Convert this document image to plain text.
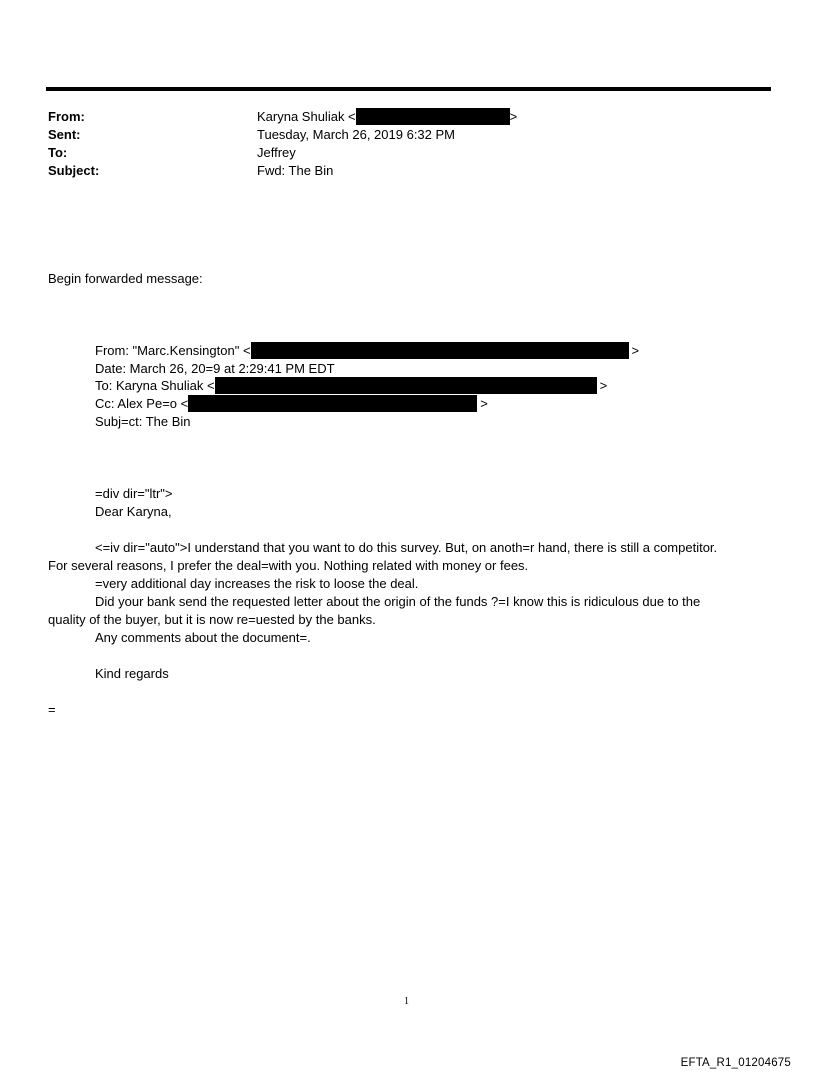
From:	Karyna Shuliak <	>
Sent:	Tuesday, March 26, 2019 6:32 PM
To:	Jeffrey
Subject:	Fwd: The Bin
Begin forwarded message:
From: "Marc.Kensington" <	>
Date: March 26, 20=9 at 2:29:41 PM EDT
To: Karyna Shuliak <	>
Cc: Alex Pe=o <	>
Subj=ct: The Bin
=div dir="ltr">
Dear Karyna,
<=iv dir="auto">I understand that you want to do this survey. But, on anoth=r hand, there is still a competitor.
For several reasons, I prefer the deal=with you. Nothing related with money or fees.
=very additional day increases the risk to loose the deal.
Did your bank send the requested letter about the origin of the funds ?=I know this is ridiculous due to the
quality of the buyer, but it is now re=uested by the banks.
Any comments about the document=.
Kind regards
=
1
EFTA_R1_01204675
